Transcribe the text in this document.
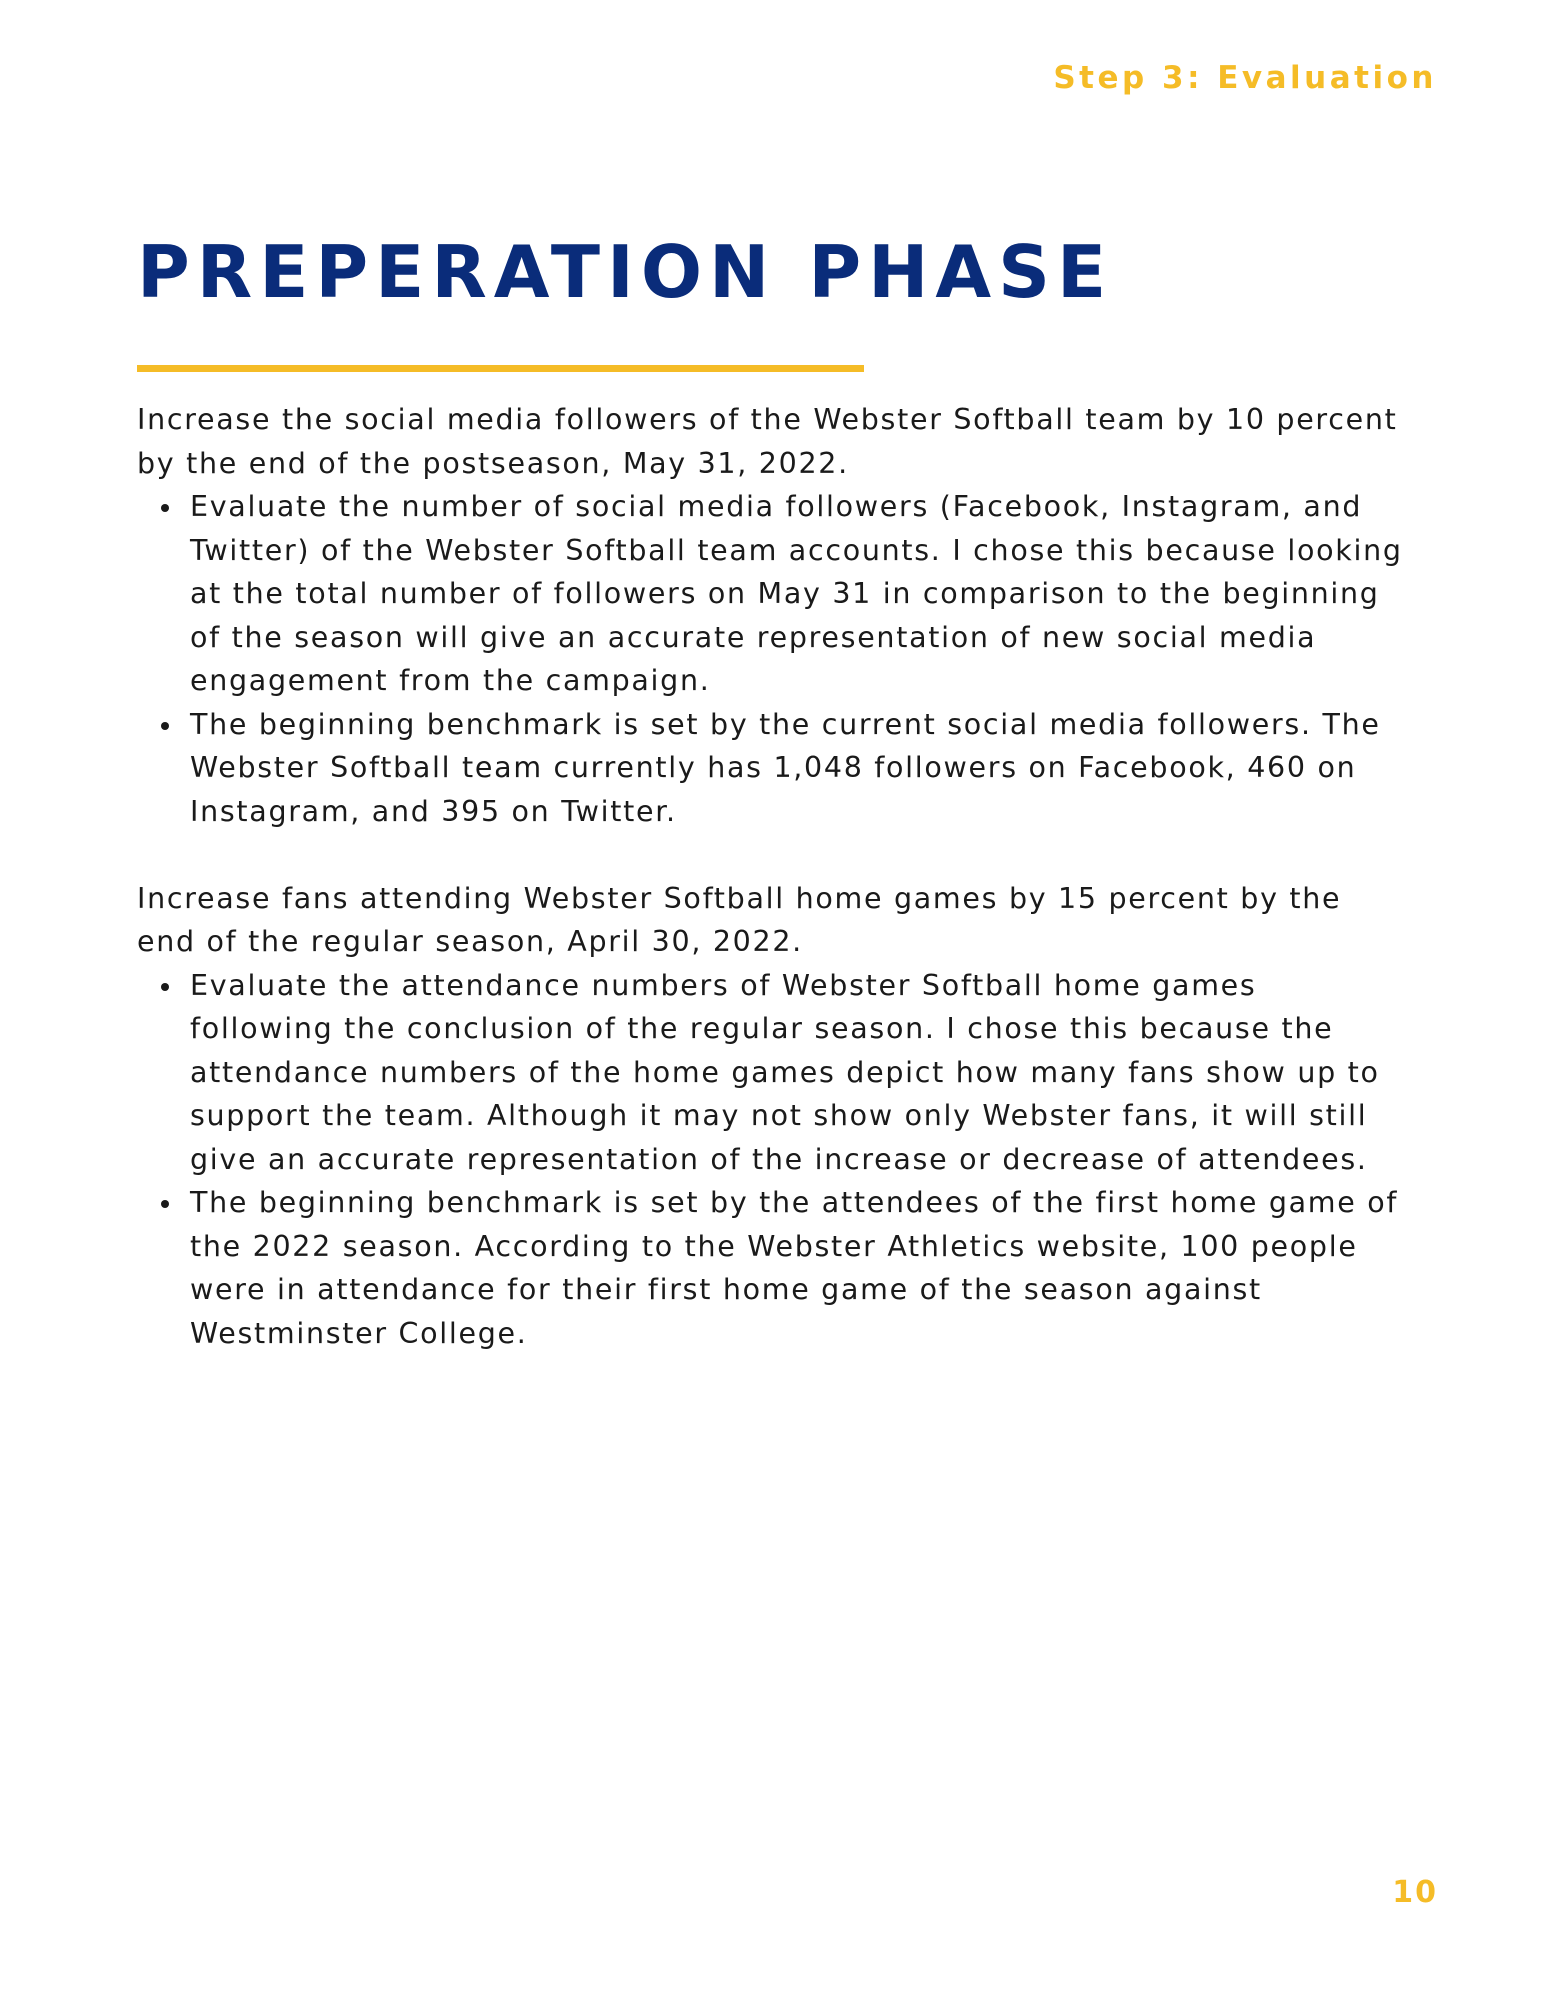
Step 3: Evaluation
PREPERATION PHASE

Increase the social media followers of the Webster Softball team by 10 percent by the end of the postseason, May 31, 2022.

Evaluate the number of social media followers (Facebook, Instagram, and Twitter) of the Webster Softball team accounts. I chose this because looking at the total number of followers on May 31 in comparison to the beginning of the season will give an accurate representation of new social media engagement from the campaign.
The beginning benchmark is set by the current social media followers. The Webster Softball team currently has 1,048 followers on Facebook, 460 on Instagram, and 395 on Twitter.

Increase fans attending Webster Softball home games by 15 percent by the end of the regular season, April 30, 2022.

Evaluate the attendance numbers of Webster Softball home games following the conclusion of the regular season. I chose this because the attendance numbers of the home games depict how many fans show up to support the team. Although it may not show only Webster fans, it will still give an accurate representation of the increase or decrease of attendees.
The beginning benchmark is set by the attendees of the first home game of the 2022 season. According to the Webster Athletics website, 100 people were in attendance for their first home game of the season against Westminster College.
10
